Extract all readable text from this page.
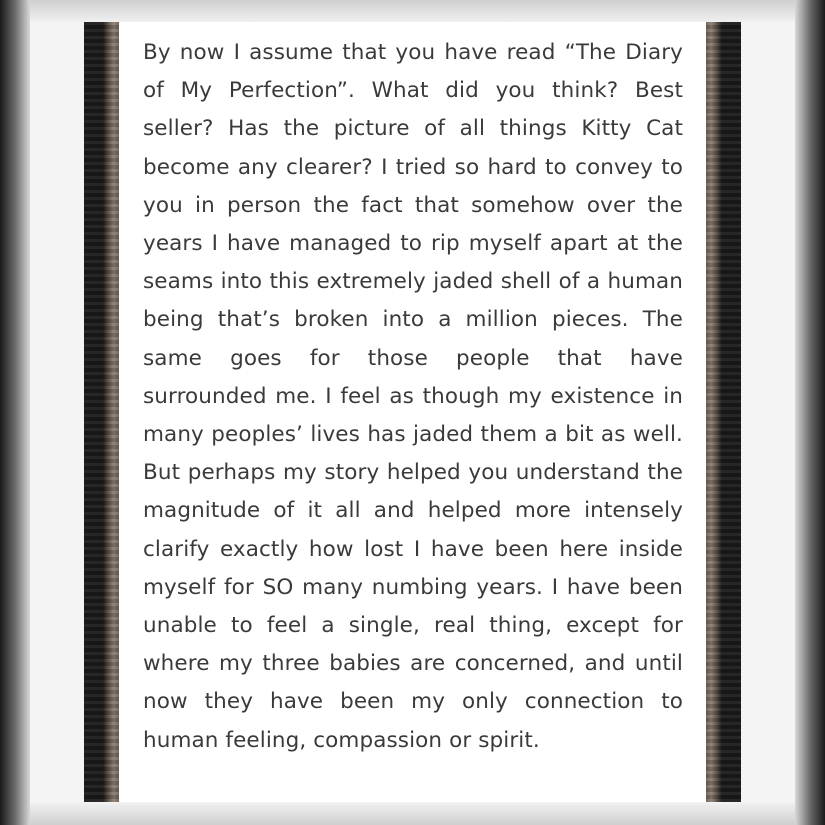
By now I assume that you have read “The Diary of My Perfection”. What did you think? Best seller? Has the picture of all things Kitty Cat become any clearer? I tried so hard to convey to you in person the fact that somehow over the years I have managed to rip myself apart at the seams into this extremely jaded shell of a human being that’s broken into a million pieces. The same goes for those people that have surrounded me. I feel as though my existence in many peoples’ lives has jaded them a bit as well. But perhaps my story helped you understand the magnitude of it all and helped more intensely clarify exactly how lost I have been here inside myself for SO many numbing years. I have been unable to feel a single, real thing, except for where my three babies are concerned, and until now they have been my only connection to human feeling, compassion or spirit.
